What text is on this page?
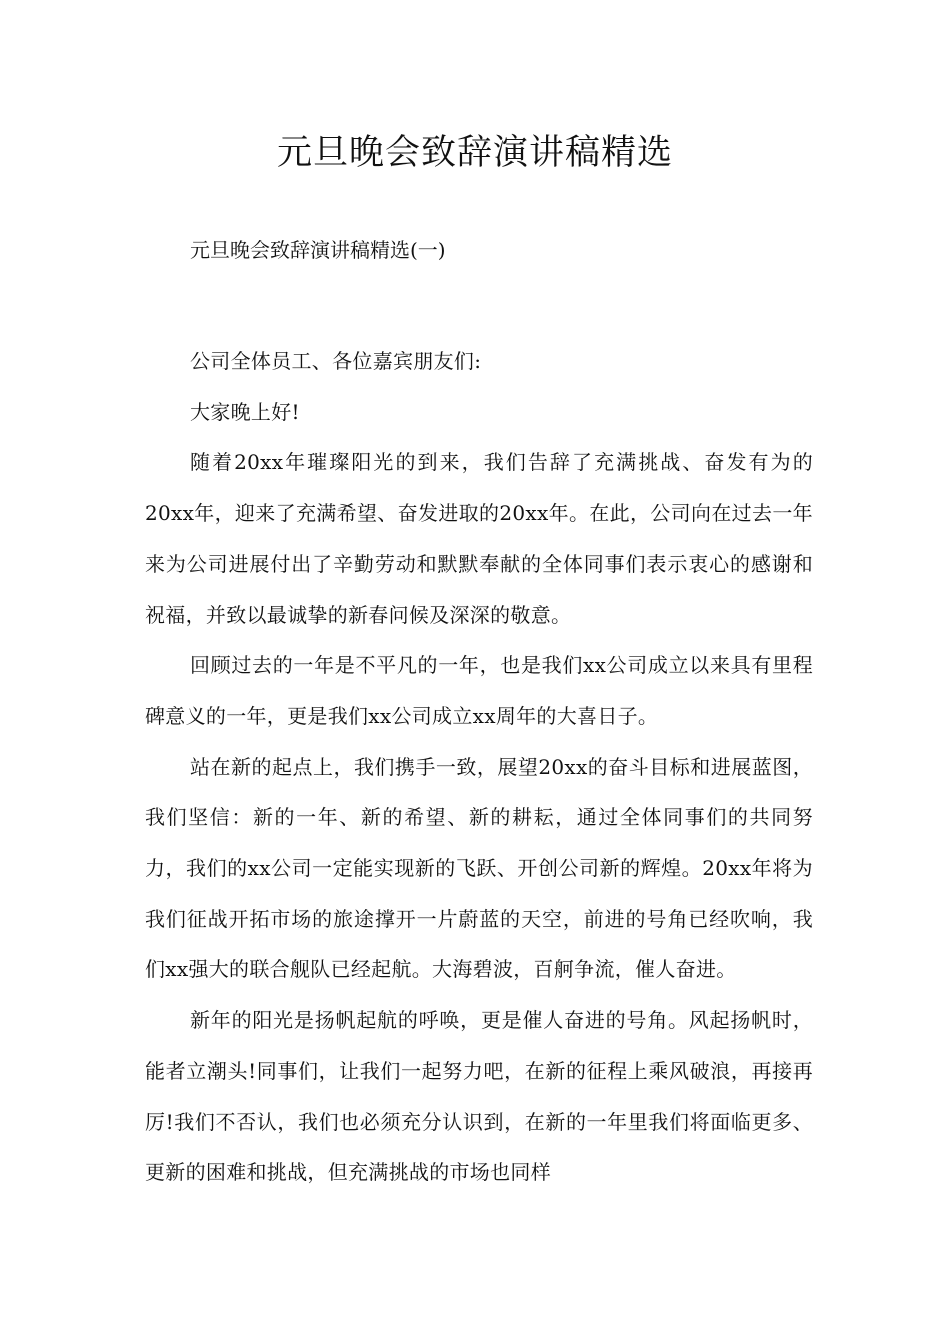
元旦晚会致辞演讲稿精选

元旦晚会致辞演讲稿精选(一)

公司全体员工、各位嘉宾朋友们:

大家晚上好!

随着20xx年璀璨阳光的到来，我们告辞了充满挑战、奋发有为的20xx年，迎来了充满希望、奋发进取的20xx年。在此，公司向在过去一年来为公司进展付出了辛勤劳动和默默奉献的全体同事们表示衷心的感谢和祝福，并致以最诚挚的新春问候及深深的敬意。

回顾过去的一年是不平凡的一年，也是我们xx公司成立以来具有里程碑意义的一年，更是我们xx公司成立xx周年的大喜日子。

站在新的起点上，我们携手一致，展望20xx的奋斗目标和进展蓝图，我们坚信：新的一年、新的希望、新的耕耘，通过全体同事们的共同努力，我们的xx公司一定能实现新的飞跃、开创公司新的辉煌。20xx年将为我们征战开拓市场的旅途撑开一片蔚蓝的天空，前进的号角已经吹响，我们xx强大的联合舰队已经起航。大海碧波，百舸争流，催人奋进。

新年的阳光是扬帆起航的呼唤，更是催人奋进的号角。风起扬帆时，能者立潮头!同事们，让我们一起努力吧，在新的征程上乘风破浪，再接再厉!我们不否认，我们也必须充分认识到，在新的一年里我们将面临更多、更新的困难和挑战，但充满挑战的市场也同样
